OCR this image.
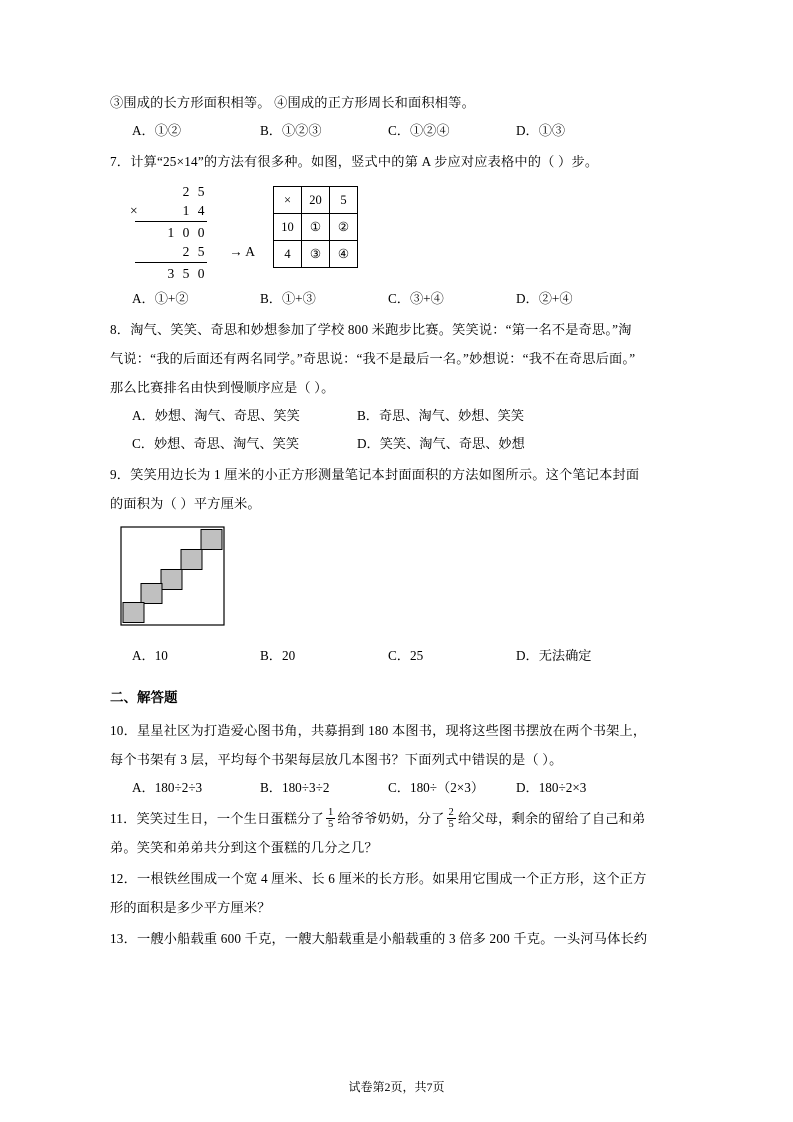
③围成的长方形面积相等。 ④围成的正方形周长和面积相等。
A．①②	B．①②③	C．①②④	D．①③
7．计算“25×14”的方法有很多种。如图，竖式中的第 A 步应对应表格中的（ ）步。
2 5
×	1 4
1 0 0
2 5 → A
3 5 0
×	20	5
10	①	②
4	③	④
A．①+②	B．①+③	C．③+④	D．②+④
8．淘气、笑笑、奇思和妙想参加了学校 800 米跑步比赛。笑笑说：“第一名不是奇思。”淘
气说：“我的后面还有两名同学。”奇思说：“我不是最后一名。”妙想说：“我不在奇思后面。”
那么比赛排名由快到慢顺序应是（ ）。
A．妙想、淘气、奇思、笑笑	B．奇思、淘气、妙想、笑笑
C．妙想、奇思、淘气、笑笑	D．笑笑、淘气、奇思、妙想
9．笑笑用边长为 1 厘米的小正方形测量笔记本封面面积的方法如图所示。这个笔记本封面
的面积为（ ）平方厘米。
A．10	B．20	C．25	D．无法确定
二、解答题
10．星星社区为打造爱心图书角，共募捐到 180 本图书，现将这些图书摆放在两个书架上，
每个书架有 3 层，平均每个书架每层放几本图书？下面列式中错误的是（ ）。
A．180÷2÷3	B．180÷3÷2	C．180÷（2×3）	D．180÷2×3
11．笑笑过生日，一个生日蛋糕分了 $\frac{1}{5}$ 给爷爷奶奶，分了 $\frac{2}{5}$ 给父母，剩余的留给了自己和弟
弟。笑笑和弟弟共分到这个蛋糕的几分之几？
12．一根铁丝围成一个宽 4 厘米、长 6 厘米的长方形。如果用它围成一个正方形，这个正方
形的面积是多少平方厘米？
13．一艘小船载重 600 千克，一艘大船载重是小船载重的 3 倍多 200 千克。一头河马体长约
试卷第2页，共7页
